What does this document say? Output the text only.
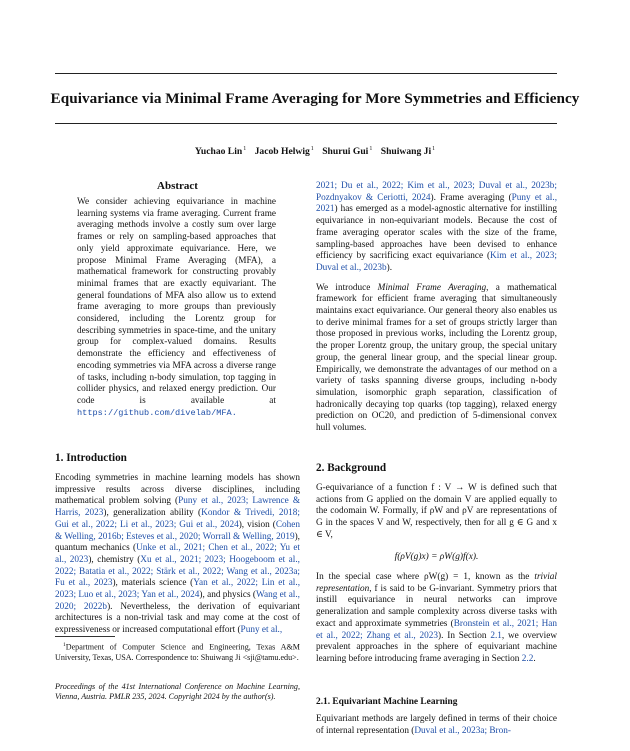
Equivariance via Minimal Frame Averaging for More Symmetries and Efficiency
Yuchao Lin$^1$ Jacob Helwig$^1$ Shurui Gui$^1$ Shuiwang Ji$^1$
Abstract

We consider achieving equivariance in machine learning systems via frame averaging. Current frame averaging methods involve a costly sum over large frames or rely on sampling-based approaches that only yield approximate equivariance. Here, we propose Minimal Frame Averaging (MFA), a mathematical framework for constructing provably minimal frames that are exactly equivariant. The general foundations of MFA also allow us to extend frame averaging to more groups than previously considered, including the Lorentz group for describing symmetries in space-time, and the unitary group for complex-valued domains. Results demonstrate the efficiency and effectiveness of encoding symmetries via MFA across a diverse range of tasks, including n-body simulation, top tagging in collider physics, and relaxed energy prediction. Our code is available at https://github.com/divelab/MFA.

1. Introduction

Encoding symmetries in machine learning models has shown impressive results across diverse disciplines, including mathematical problem solving (Puny et al., 2023; Lawrence & Harris, 2023), generalization ability (Kondor & Trivedi, 2018; Gui et al., 2022; Li et al., 2023; Gui et al., 2024), vision (Cohen & Welling, 2016b; Esteves et al., 2020; Worrall & Welling, 2019), quantum mechanics (Unke et al., 2021; Chen et al., 2022; Yu et al., 2023), chemistry (Xu et al., 2021; 2023; Hoogeboom et al., 2022; Batatia et al., 2022; Stärk et al., 2022; Wang et al., 2023a; Fu et al., 2023), materials science (Yan et al., 2022; Lin et al., 2023; Luo et al., 2023; Yan et al., 2024), and physics (Wang et al., 2020; 2022b). Nevertheless, the derivation of equivariant architectures is a non-trivial task and may come at the cost of expressiveness or increased computational effort (Puny et al.,

$^1$Department of Computer Science and Engineering, Texas A&M University, Texas, USA. Correspondence to: Shuiwang Ji <sji@tamu.edu>.
Proceedings of the 41st International Conference on Machine Learning, Vienna, Austria. PMLR 235, 2024. Copyright 2024 by the author(s).

2021; Du et al., 2022; Kim et al., 2023; Duval et al., 2023b; Pozdnyakov & Ceriotti, 2024). Frame averaging (Puny et al., 2021) has emerged as a model-agnostic alternative for instilling equivariance in non-equivariant models. Because the cost of frame averaging operator scales with the size of the frame, sampling-based approaches have been devised to enhance efficiency by sacrificing exact equivariance (Kim et al., 2023; Duval et al., 2023b).

We introduce Minimal Frame Averaging, a mathematical framework for efficient frame averaging that simultaneously maintains exact equivariance. Our general theory also enables us to derive minimal frames for a set of groups strictly larger than those proposed in previous works, including the Lorentz group, the proper Lorentz group, the unitary group, the special unitary group, the general linear group, and the special linear group. Empirically, we demonstrate the advantages of our method on a variety of tasks spanning diverse groups, including n-body simulation, isomorphic graph separation, classification of hadronically decaying top quarks (top tagging), relaxed energy prediction on OC20, and prediction of 5-dimensional convex hull volumes.

2. Background

G-equivariance of a function f : V → W is defined such that actions from G applied on the domain V are applied equally to the codomain W. Formally, if ρW and ρV are representations of G in the spaces V and W, respectively, then for all g ∈ G and x ∈ V,

f(ρV(g)x) = ρW(g)f(x).

In the special case where ρW(g) = 1, known as the trivial representation, f is said to be G-invariant. Symmetry priors that instill equivariance in neural networks can improve generalization and sample complexity across diverse tasks with exact and approximate symmetries (Bronstein et al., 2021; Han et al., 2022; Zhang et al., 2023). In Section 2.1, we overview prevalent approaches in the sphere of equivariant machine learning before introducing frame averaging in Section 2.2.

2.1. Equivariant Machine Learning

Equivariant methods are largely defined in terms of their choice of internal representation (Duval et al., 2023a; Bron-
